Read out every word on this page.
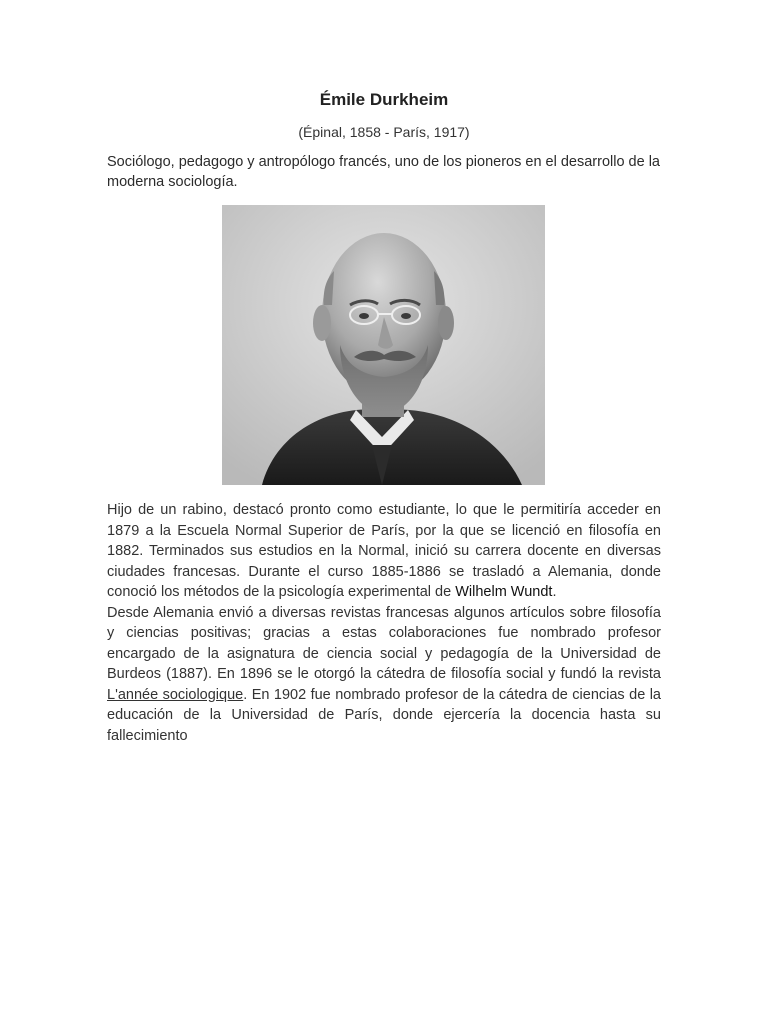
Émile Durkheim
(Épinal, 1858 - París, 1917)
Sociólogo, pedagogo y antropólogo francés, uno de los pioneros en el desarrollo de la moderna sociología.

Hijo de un rabino, destacó pronto como estudiante, lo que le permitiría acceder en 1879 a la Escuela Normal Superior de París, por la que se licenció en filosofía en 1882. Terminados sus estudios en la Normal, inició su carrera docente en diversas ciudades francesas. Durante el curso 1885-1886 se trasladó a Alemania, donde conoció los métodos de la psicología experimental de Wilhelm Wundt.

Desde Alemania envió a diversas revistas francesas algunos artículos sobre filosofía y ciencias positivas; gracias a estas colaboraciones fue nombrado profesor encargado de la asignatura de ciencia social y pedagogía de la Universidad de Burdeos (1887). En 1896 se le otorgó la cátedra de filosofía social y fundó la revista L'année sociologique. En 1902 fue nombrado profesor de la cátedra de ciencias de la educación de la Universidad de París, donde ejercería la docencia hasta su fallecimiento
